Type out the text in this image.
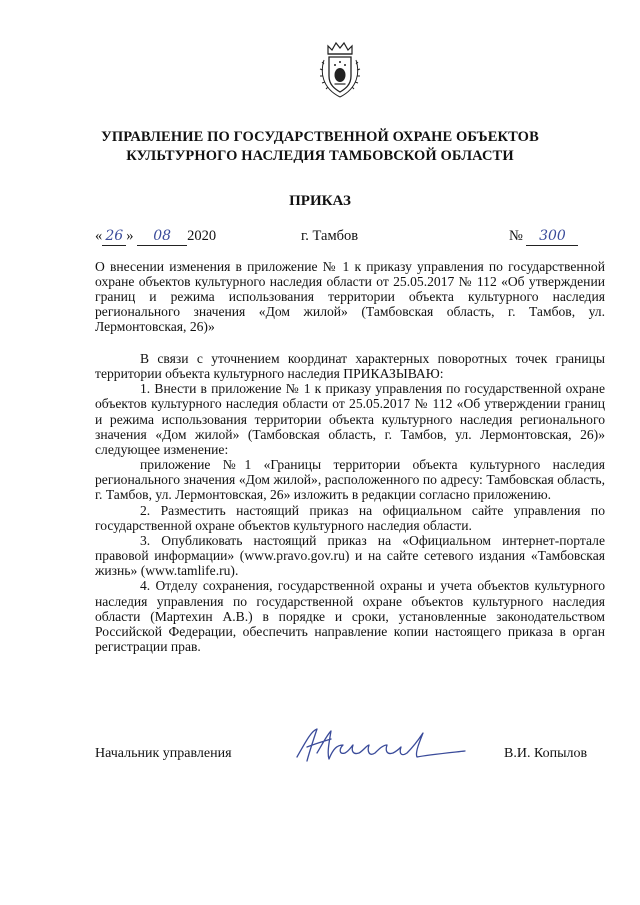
УПРАВЛЕНИЕ ПО ГОСУДАРСТВЕННОЙ ОХРАНЕ ОБЪЕКТОВ
КУЛЬТУРНОГО НАСЛЕДИЯ ТАМБОВСКОЙ ОБЛАСТИ
ПРИКАЗ
« 26 » 08 2020	г. Тамбов	№ 300
О внесении изменения в приложение № 1 к приказу управления по государственной охране объектов культурного наследия области от 25.05.2017 № 112 «Об утверждении границ и режима использования территории объекта культурного наследия регионального значения «Дом жилой» (Тамбовская область, г. Тамбов, ул. Лермонтовская, 26)»

В связи с уточнением координат характерных поворотных точек границы территории объекта культурного наследия ПРИКАЗЫВАЮ:

1. Внести в приложение № 1 к приказу управления по государственной охране объектов культурного наследия области от 25.05.2017 № 112 «Об утверждении границ и режима использования территории объекта культурного наследия регионального значения «Дом жилой» (Тамбовская область, г. Тамбов, ул. Лермонтовская, 26)» следующее изменение:

приложение №1 «Границы территории объекта культурного наследия регионального значения «Дом жилой», расположенного по адресу: Тамбовская область, г. Тамбов, ул. Лермонтовская, 26» изложить в редакции согласно приложению.

2. Разместить настоящий приказ на официальном сайте управления по государственной охране объектов культурного наследия области.

3. Опубликовать настоящий приказ на «Официальном интернет-портале правовой информации» (www.pravo.gov.ru) и на сайте сетевого издания «Тамбовская жизнь» (www.tamlife.ru).

4. Отделу сохранения, государственной охраны и учета объектов культурного наследия управления по государственной охране объектов культурного наследия области (Мартехин А.В.) в порядке и сроки, установленные законодательством Российской Федерации, обеспечить направление копии настоящего приказа в орган регистрации прав.

Начальник управления	В.И. Копылов
